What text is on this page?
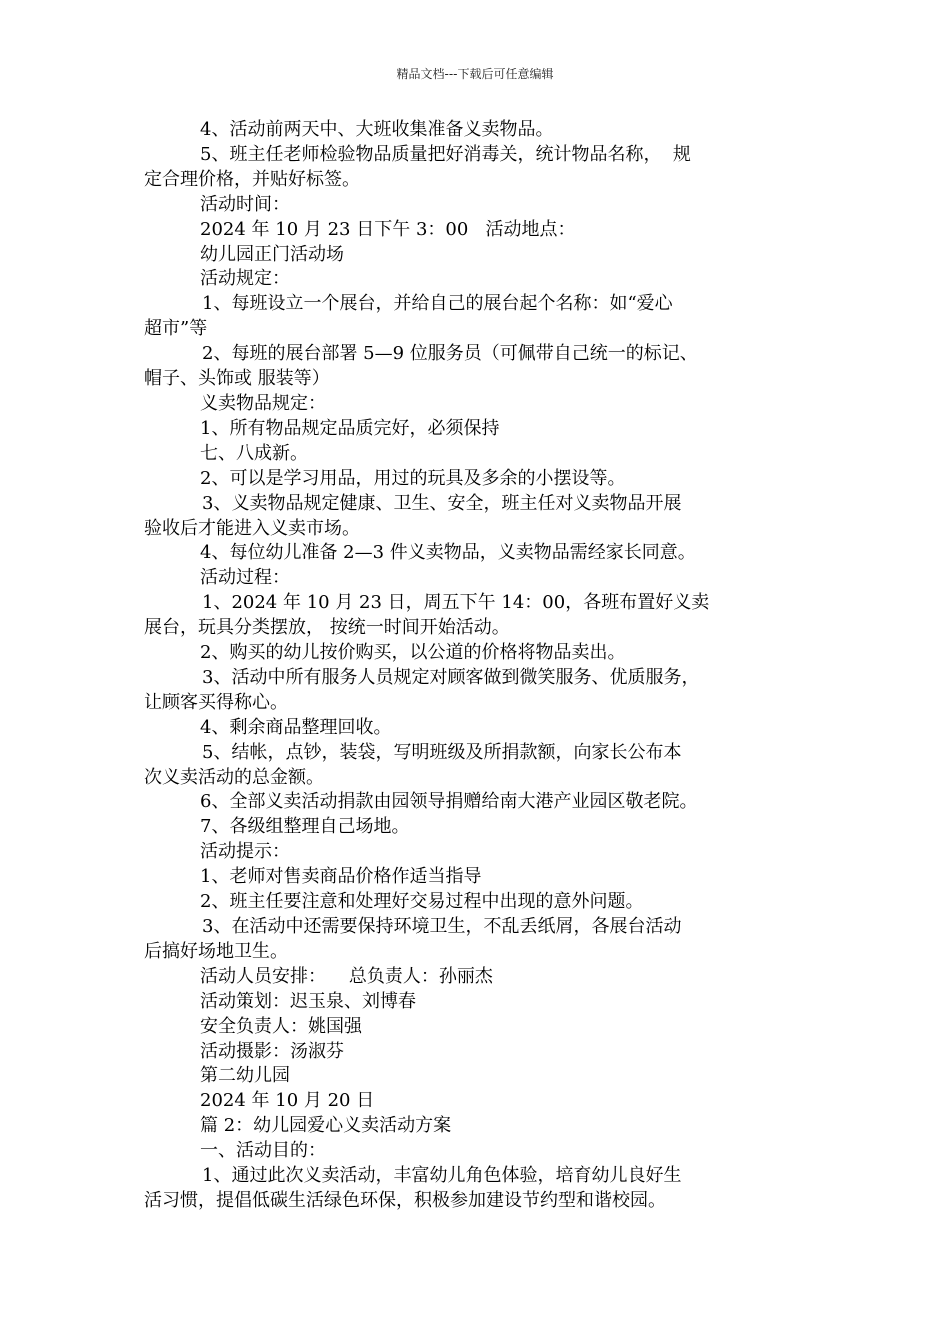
精品文档---下载后可任意编辑
4、活动前两天中、大班收集准备义卖物品。
5、班主任老师检验物品质量把好消毒关，统计物品名称，  规
定合理价格，并贴好标签。
活动时间：
2024 年 10 月 23 日下午 3：00   活动地点：
幼儿园正门活动场
活动规定：
1、每班设立一个展台，并给自己的展台起个名称：如“爱心
超市”等
2、每班的展台部署 5—9 位服务员（可佩带自己统一的标记、
帽子、头饰或 服装等）
义卖物品规定：
1、所有物品规定品质完好，必须保持
七、八成新。
2、可以是学习用品，用过的玩具及多余的小摆设等。
3、义卖物品规定健康、卫生、安全，班主任对义卖物品开展
验收后才能进入义卖市场。
4、每位幼儿准备 2—3 件义卖物品，义卖物品需经家长同意。
活动过程：
1、2024 年 10 月 23 日，周五下午 14：00，各班布置好义卖
展台，玩具分类摆放， 按统一时间开始活动。
2、购买的幼儿按价购买，以公道的价格将物品卖出。
3、活动中所有服务人员规定对顾客做到微笑服务、优质服务，
让顾客买得称心。
4、剩余商品整理回收。
5、结帐，点钞，装袋，写明班级及所捐款额，向家长公布本
次义卖活动的总金额。
6、全部义卖活动捐款由园领导捐赠给南大港产业园区敬老院。
7、各级组整理自己场地。
活动提示：
1、老师对售卖商品价格作适当指导
2、班主任要注意和处理好交易过程中出现的意外问题。
3、在活动中还需要保持环境卫生，不乱丢纸屑，各展台活动
后搞好场地卫生。
活动人员安排：    总负责人：孙丽杰
活动策划：迟玉泉、刘博春
安全负责人：姚国强
活动摄影：汤淑芬
第二幼儿园
2024 年 10 月 20 日
篇 2：幼儿园爱心义卖活动方案
一、活动目的：
1、通过此次义卖活动，丰富幼儿角色体验，培育幼儿良好生
活习惯，提倡低碳生活绿色环保，积极参加建设节约型和谐校园。
